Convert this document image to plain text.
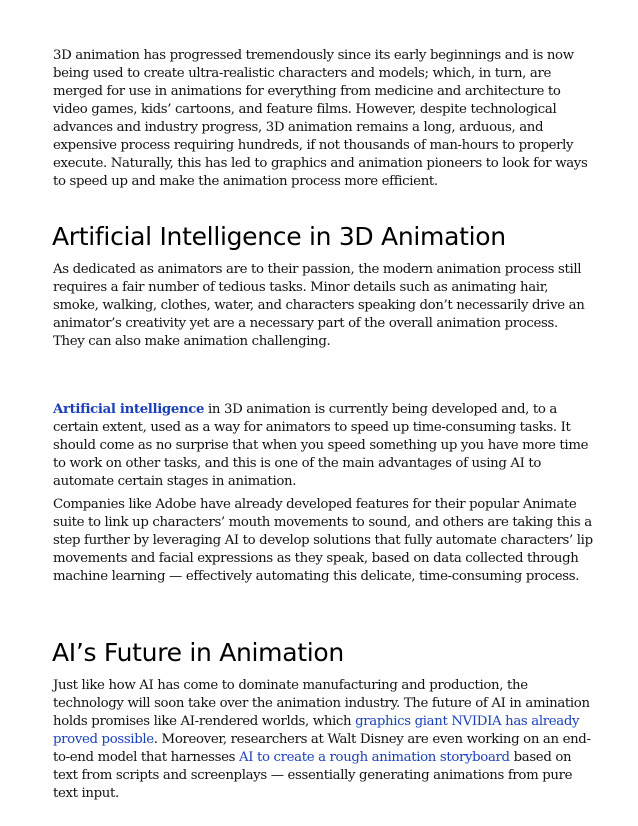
3D animation has progressed tremendously since its early beginnings and is now being used to create ultra-realistic characters and models; which, in turn, are merged for use in animations for everything from medicine and architecture to video games, kids’ cartoons, and feature films. However, despite technological advances and industry progress, 3D animation remains a long, arduous, and expensive process requiring hundreds, if not thousands of man-hours to properly execute. Naturally, this has led to graphics and animation pioneers to look for ways to speed up and make the animation process more efficient.

Artificial Intelligence in 3D Animation

As dedicated as animators are to their passion, the modern animation process still requires a fair number of tedious tasks. Minor details such as animating hair, smoke, walking, clothes, water, and characters speaking don’t necessarily drive an animator’s creativity yet are a necessary part of the overall animation process. They can also make animation challenging.

Artificial intelligence in 3D animation is currently being developed and, to a certain extent, used as a way for animators to speed up time-consuming tasks. It should come as no surprise that when you speed something up you have more time to work on other tasks, and this is one of the main advantages of using AI to automate certain stages in animation.

Companies like Adobe have already developed features for their popular Animate suite to link up characters’ mouth movements to sound, and others are taking this a step further by leveraging AI to develop solutions that fully automate characters’ lip movements and facial expressions as they speak, based on data collected through machine learning — effectively automating this delicate, time-consuming process.

AI’s Future in Animation

Just like how AI has come to dominate manufacturing and production, the technology will soon take over the animation industry. The future of AI in amination holds promises like AI-rendered worlds, which graphics giant NVIDIA has already proved possible. Moreover, researchers at Walt Disney are even working on an end-to-end model that harnesses AI to create a rough animation storyboard based on text from scripts and screenplays — essentially generating animations from pure text input.
